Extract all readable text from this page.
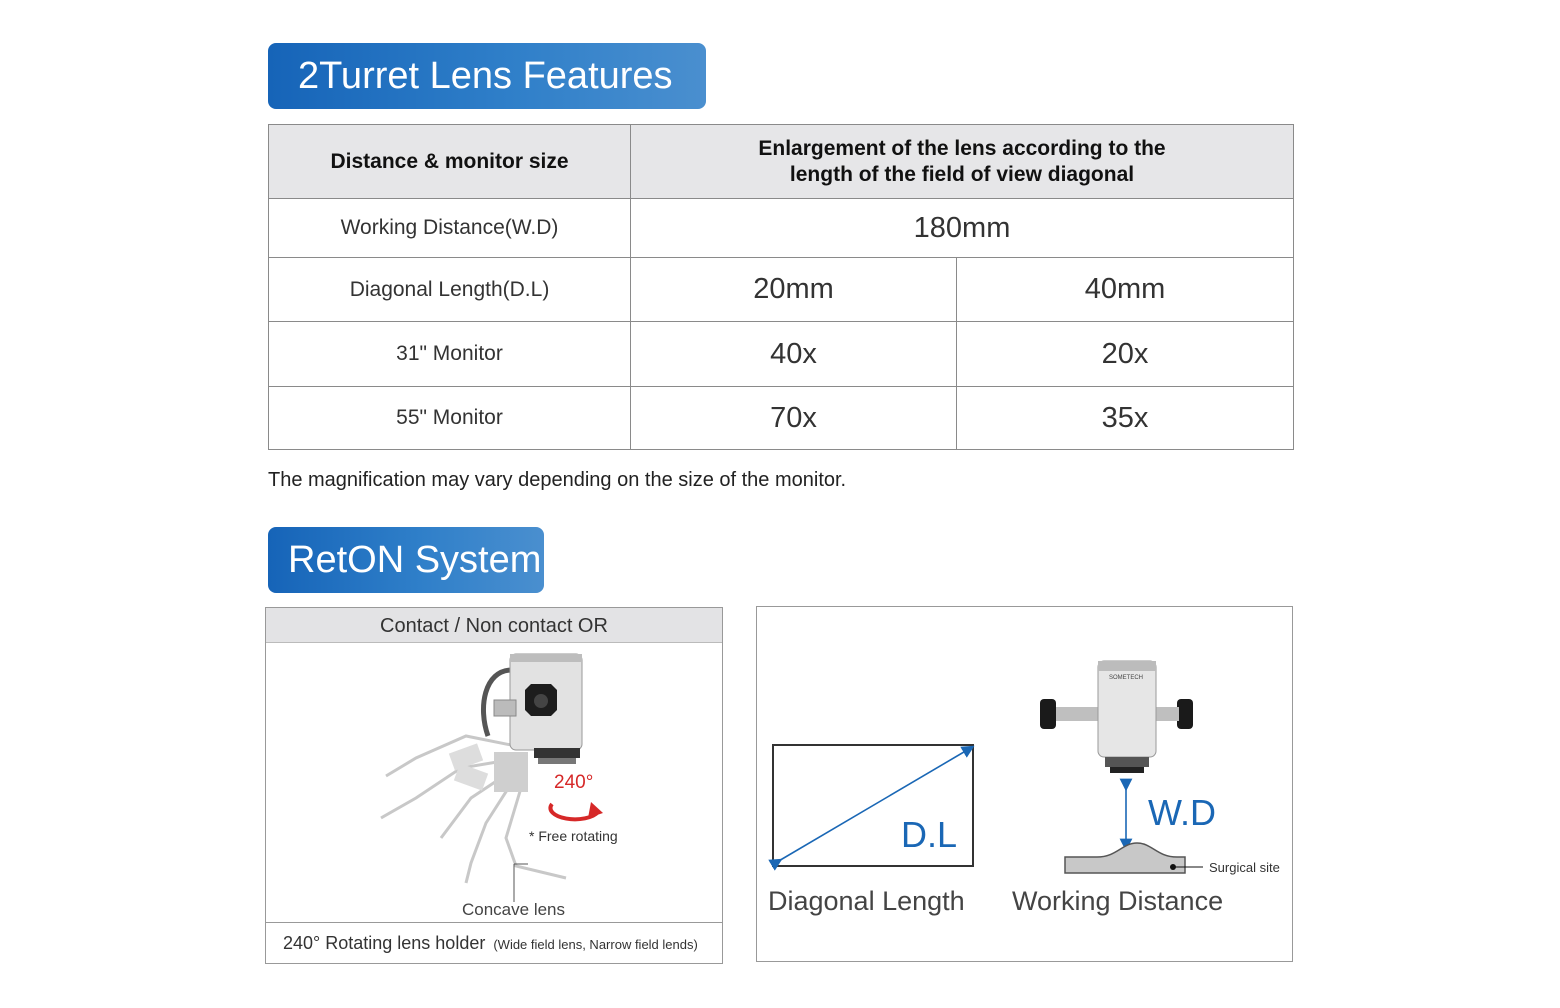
2Turret Lens Features
Distance & monitor size	Enlargement of the lens according to the
length of the field of view diagonal	

Working Distance(W.D)	180mm	
Diagonal Length(D.L)	20mm	40mm
31" Monitor	40x	20x
55" Monitor	70x	35x
The magnification may vary depending on the size of the monitor.
RetON System
Contact / Non contact OR
240°
* Free rotating
Concave lens
240° Rotating lens holder (Wide field lens, Narrow field lends)
D.L
SOMETECH
W.D
Surgical site
Diagonal Length Working Distance
